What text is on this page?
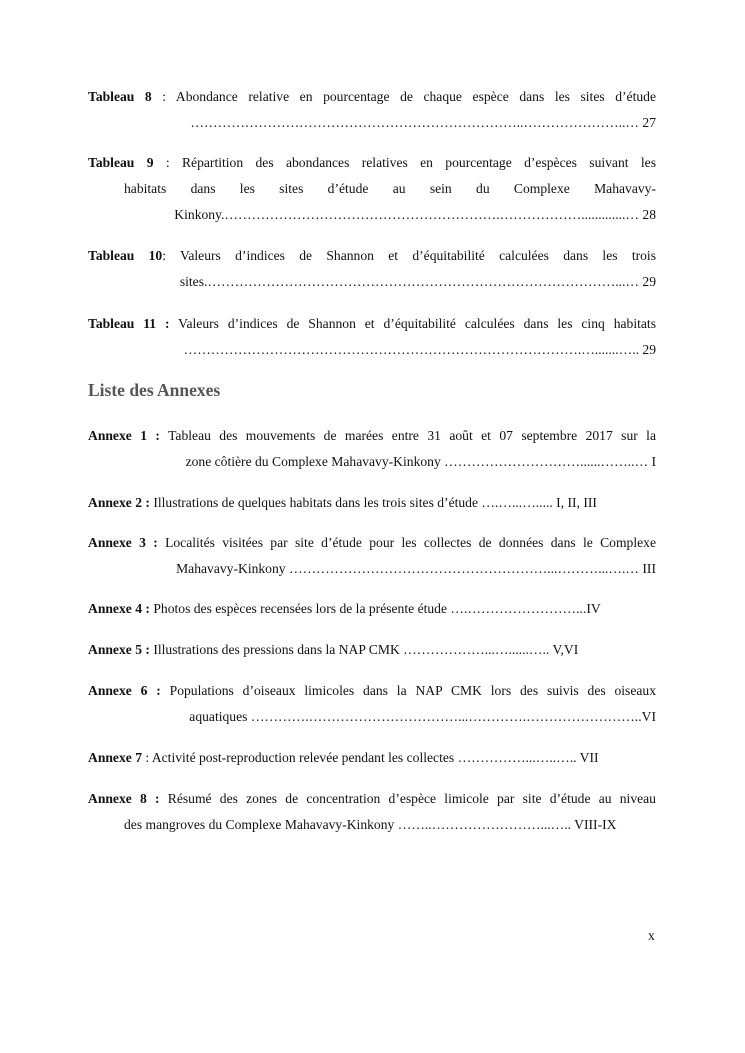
Tableau 8 : Abondance relative en pourcentage de chaque espèce dans les sites d’étude
………………………………………………………………..…………………..… 27
Tableau 9 : Répartition des abondances relatives en pourcentage d’espèces suivant les
habitats dans les sites d’étude au sein du Complexe Mahavavy-
Kinkony.…………………………………………………….……………….............… 28
Tableau 10: Valeurs d’indices de Shannon et d’équitabilité calculées dans les trois
sites.………………………………………………………………………………...… 29
Tableau 11 : Valeurs d’indices de Shannon et d’équitabilité calculées dans les cinq habitats
…………………………………………………………………………….….......….. 29
Liste des Annexes
Annexe 1 : Tableau des mouvements de marées entre 31 août et 07 septembre 2017 sur la
zone côtière du Complexe Mahavavy-Kinkony …………………………......……..… I
Annexe 2 : Illustrations de quelques habitats dans les trois sites d’étude ….…...…..... I, II, III
Annexe 3 : Localités visitées par site d’étude pour les collectes de données dans le Complexe
Mahavavy-Kinkony …………………………………………………...………...….… III
Annexe 4 : Photos des espèces recensées lors de la présente étude ….……………………...IV
Annexe 5 : Illustrations des pressions dans la NAP CMK ………………...…......….. V,VI
Annexe 6 : Populations d’oiseaux limicoles dans la NAP CMK lors des suivis des oiseaux
aquatiques ………….……………………………...………….……………………..VI
Annexe 7 : Activité post-reproduction relevée pendant les collectes ……………...…..….. VII
Annexe 8 : Résumé des zones de concentration d’espèce limicole par site d’étude au niveau
des mangroves du Complexe Mahavavy-Kinkony ……..……………………...….. VIII-IX
x
